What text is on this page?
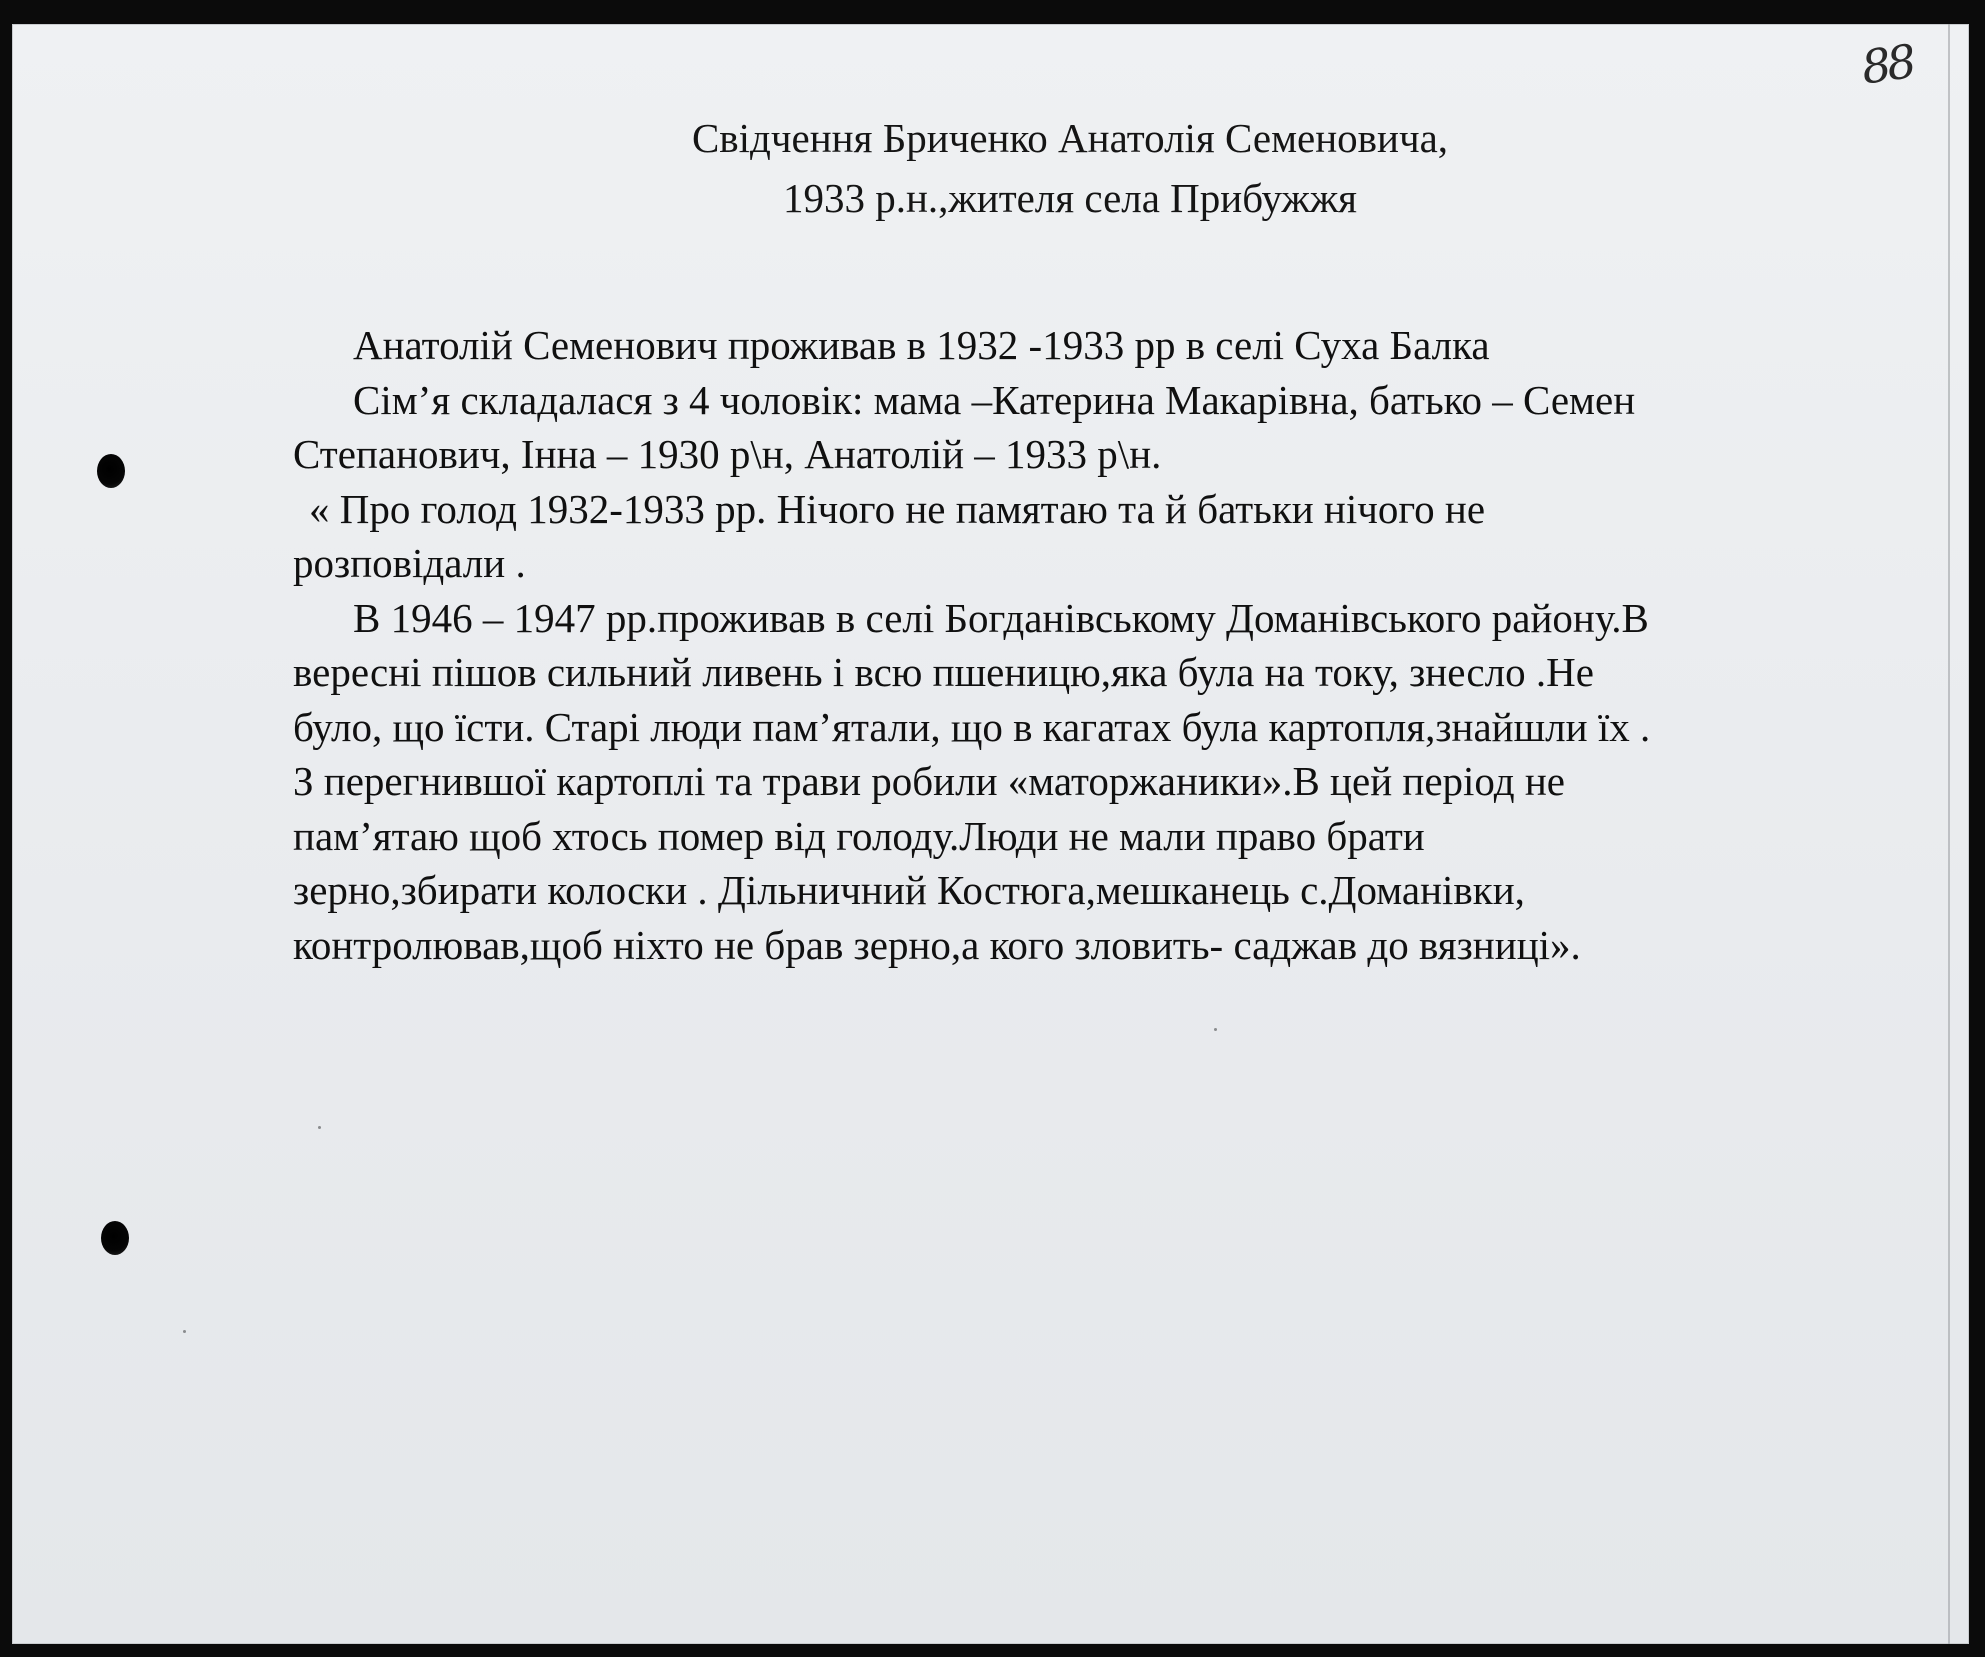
88
Свідчення Бриченко Анатолія Семеновича,
1933 р.н.,жителя села Прибужжя
Анатолій Семенович проживав в 1932 -1933 рр в селі Суха Балка
Сім’я складалася з 4 чоловік: мама –Катерина Макарівна, батько – Семен
Степанович, Інна – 1930 р\н, Анатолій – 1933 р\н.
« Про голод 1932-1933 рр. Нічого не памятаю та й батьки нічого не
розповідали .
В 1946 – 1947 рр.проживав в селі Богданівському Доманівського району.В
вересні пішов сильний ливень і всю пшеницю,яка була на току, знесло .Не
було, що їсти. Старі люди пам’ятали, що в кагатах була картопля,знайшли їх .
З перегнившої картоплі та трави робили «маторжаники».В цей період не
пам’ятаю щоб хтось помер від голоду.Люди не мали право брати
зерно,збирати колоски . Дільничний Костюга,мешканець с.Доманівки,
контролював,щоб ніхто не брав зерно,а кого зловить- саджав до вязниці».
